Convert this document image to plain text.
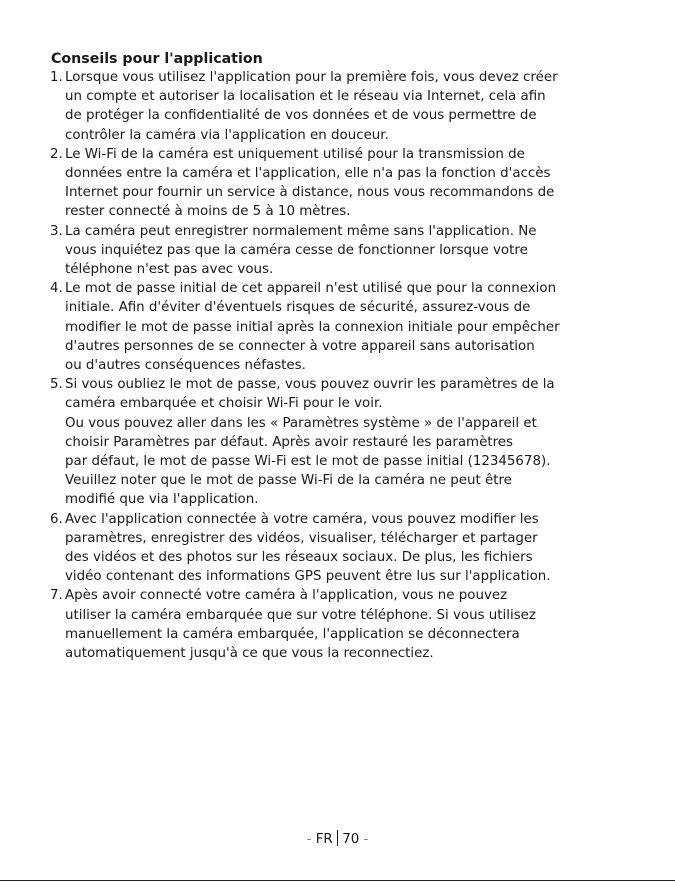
Conseils pour l'application
1. Lorsque vous utilisez l'application pour la première fois, vous devez créer
un compte et autoriser la localisation et le réseau via Internet, cela afin
de protéger la confidentialité de vos données et de vous permettre de
contrôler la caméra via l'application en douceur.
2. Le Wi-Fi de la caméra est uniquement utilisé pour la transmission de
données entre la caméra et l'application, elle n'a pas la fonction d'accès
Internet pour fournir un service à distance, nous vous recommandons de
rester connecté à moins de 5 à 10 mètres.
3. La caméra peut enregistrer normalement même sans l'application. Ne
vous inquiétez pas que la caméra cesse de fonctionner lorsque votre
téléphone n'est pas avec vous.
4. Le mot de passe initial de cet appareil n'est utilisé que pour la connexion
initiale. Afin d'éviter d'éventuels risques de sécurité, assurez-vous de
modifier le mot de passe initial après la connexion initiale pour empêcher
d'autres personnes de se connecter à votre appareil sans autorisation
ou d'autres conséquences néfastes.
5. Si vous oubliez le mot de passe, vous pouvez ouvrir les paramètres de la
caméra embarquée et choisir Wi-Fi pour le voir.
Ou vous pouvez aller dans les « Paramètres système » de l'appareil et
choisir Paramètres par défaut. Après avoir restauré les paramètres
par défaut, le mot de passe Wi-Fi est le mot de passe initial (12345678).
Veuillez noter que le mot de passe Wi-Fi de la caméra ne peut être
modifié que via l'application.
6. Avec l'application connectée à votre caméra, vous pouvez modifier les
paramètres, enregistrer des vidéos, visualiser, télécharger et partager
des vidéos et des photos sur les réseaux sociaux. De plus, les fichiers
vidéo contenant des informations GPS peuvent être lus sur l'application.
7. Apès avoir connecté votre caméra à l'application, vous ne pouvez
utiliser la caméra embarquée que sur votre téléphone. Si vous utilisez
manuellement la caméra embarquée, l'application se déconnectera
automatiquement jusqu'à ce que vous la reconnectiez.
- FR 70 -
